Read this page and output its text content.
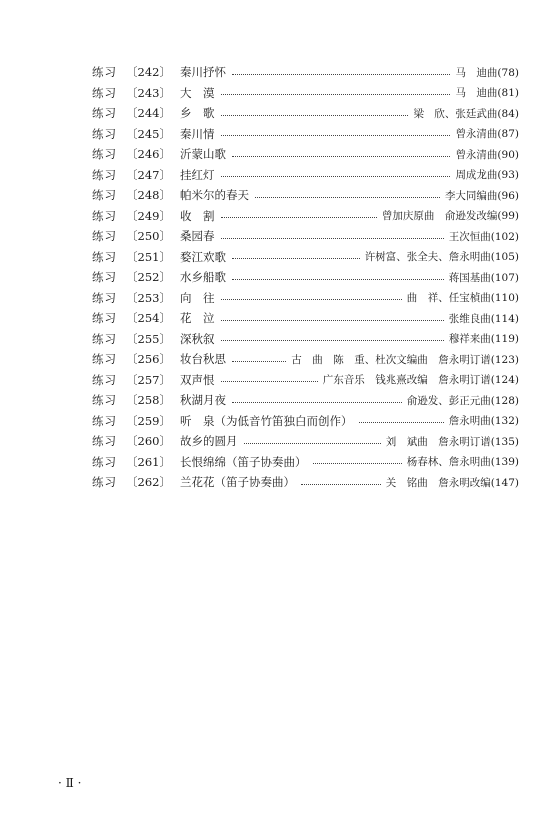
练习 〔242〕 秦川抒怀	马　迪曲(78)
练习 〔243〕 大　漠	马　迪曲(81)
练习 〔244〕 乡　歌	梁　欣、张廷武曲(84)
练习 〔245〕 秦川情	曾永清曲(87)
练习 〔246〕 沂蒙山歌	曾永清曲(90)
练习 〔247〕 挂红灯	周成龙曲(93)
练习 〔248〕 帕米尔的春天	李大同编曲(96)
练习 〔249〕 收　割	曾加庆原曲　俞逊发改编(99)
练习 〔250〕 桑园春	王次恒曲(102)
练习 〔251〕 婺江欢歌	许树富、张全夫、詹永明曲(105)
练习 〔252〕 水乡船歌	蒋国基曲(107)
练习 〔253〕 向　往	曲　祥、任宝楨曲(110)
练习 〔254〕 花　泣	张维良曲(114)
练习 〔255〕 深秋叙	穆祥来曲(119)
练习 〔256〕 妆台秋思	古　曲　陈　重、杜次文编曲　詹永明订谱(123)
练习 〔257〕 双声恨	广东音乐　钱兆熹改编　詹永明订谱(124)
练习 〔258〕 秋湖月夜	俞逊发、彭正元曲(128)
练习 〔259〕 听　泉（为低音竹笛独白而创作）	詹永明曲(132)
练习 〔260〕 故乡的圆月	刘　斌曲　詹永明订谱(135)
练习 〔261〕 长恨绵绵（笛子协奏曲）	杨春林、詹永明曲(139)
练习 〔262〕 兰花花（笛子协奏曲）	关　铭曲　詹永明改编(147)
· Ⅱ ·
